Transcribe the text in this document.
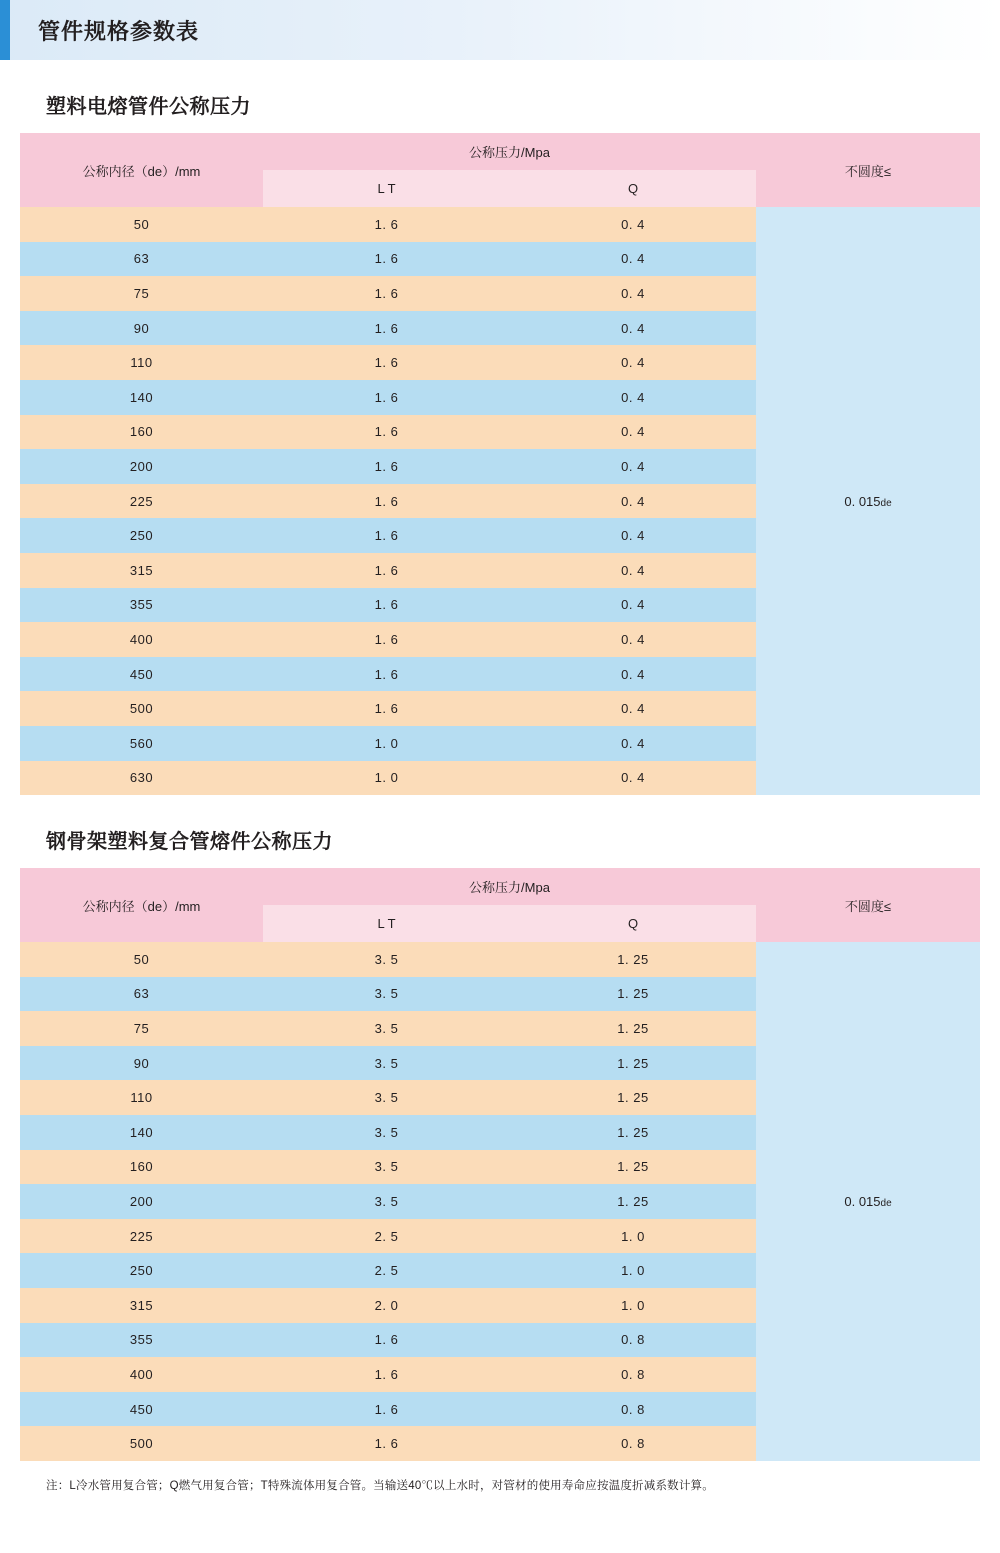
管件规格参数表
塑料电熔管件公称压力
公称内径（de）/mm	公称压力/Mpa		不圆度≤
	L T	Q	
50	1. 6	0. 4	0. 015de
63	1. 6	0. 4	
75	1. 6	0. 4	
90	1. 6	0. 4	
110	1. 6	0. 4	
140	1. 6	0. 4	
160	1. 6	0. 4	
200	1. 6	0. 4	
225	1. 6	0. 4	
250	1. 6	0. 4	
315	1. 6	0. 4	
355	1. 6	0. 4	
400	1. 6	0. 4	
450	1. 6	0. 4	
500	1. 6	0. 4	
560	1. 0	0. 4	
630	1. 0	0. 4	
钢骨架塑料复合管熔件公称压力
公称内径（de）/mm	公称压力/Mpa		不圆度≤
	L T	Q	
50	3. 5	1. 25	0. 015de
63	3. 5	1. 25	
75	3. 5	1. 25	
90	3. 5	1. 25	
110	3. 5	1. 25	
140	3. 5	1. 25	
160	3. 5	1. 25	
200	3. 5	1. 25	
225	2. 5	1. 0	
250	2. 5	1. 0	
315	2. 0	1. 0	
355	1. 6	0. 8	
400	1. 6	0. 8	
450	1. 6	0. 8	
500	1. 6	0. 8	
注：L冷水管用复合管；Q燃气用复合管；T特殊流体用复合管。当输送40℃以上水时，对管材的使用寿命应按温度折减系数计算。
